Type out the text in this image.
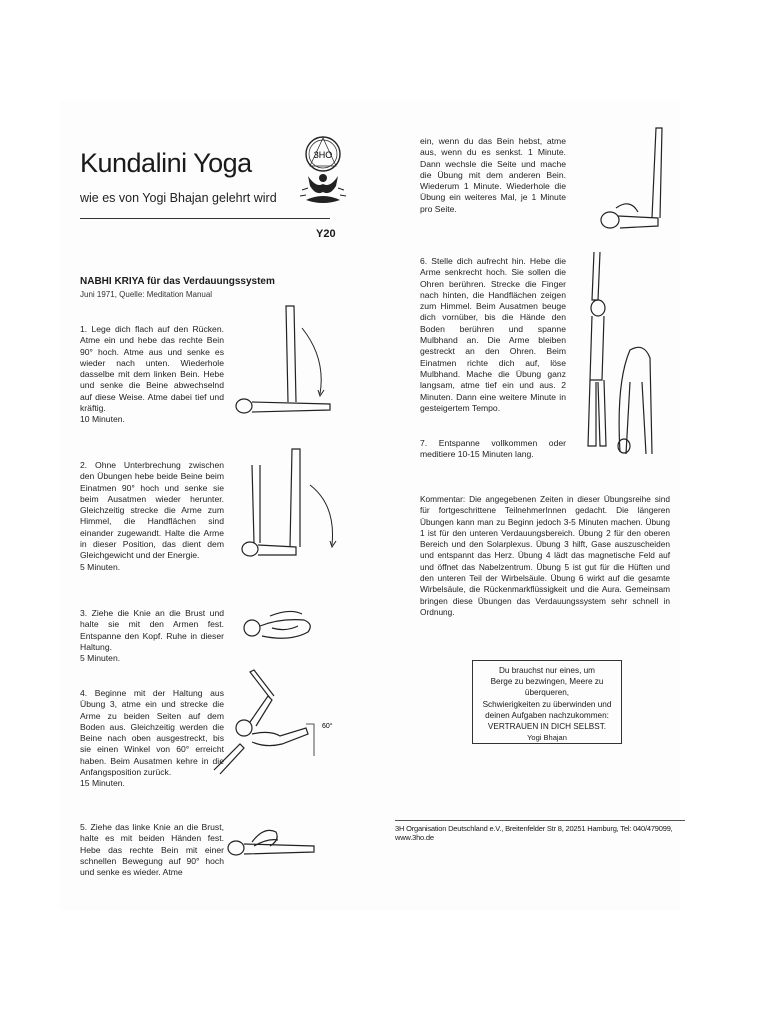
Kundalini Yoga
wie es von Yogi Bhajan gelehrt wird
Y20
3HO
NABHI KRIYA für das Verdauungssystem
Juni 1971, Quelle: Meditation Manual
1. Lege dich flach auf den Rücken. Atme ein und hebe das rechte Bein 90° hoch. Atme aus und senke es wieder nach unten. Wiederhole dasselbe mit dem linken Bein. Hebe und senke die Beine abwechselnd auf diese Weise. Atme dabei tief und kräftig.
10 Minuten.
2. Ohne Unterbrechung zwischen den Übungen hebe beide Beine beim Einatmen 90° hoch und senke sie beim Ausatmen wieder herunter. Gleichzeitig strecke die Arme zum Himmel, die Handflächen sind einander zugewandt. Halte die Arme in dieser Position, das dient dem Gleichgewicht und der Energie.
5 Minuten.
3. Ziehe die Knie an die Brust und halte sie mit den Armen fest. Entspanne den Kopf. Ruhe in dieser Haltung.
5 Minuten.
4. Beginne mit der Haltung aus Übung 3, atme ein und strecke die Arme zu beiden Seiten auf dem Boden aus. Gleichzeitig werden die Beine nach oben ausgestreckt, bis sie einen Winkel von 60° erreicht haben. Beim Ausatmen kehre in die Anfangsposition zurück.
15 Minuten.
5. Ziehe das linke Knie an die Brust, halte es mit beiden Händen fest. Hebe das rechte Bein mit einer schnellen Bewegung auf 90° hoch und senke es wieder. Atme
60°
ein, wenn du das Bein hebst, atme aus, wenn du es senkst. 1 Minute. Dann wechsle die Seite und mache die Übung mit dem anderen Bein. Wiederum 1 Minute. Wiederhole die Übung ein weiteres Mal, je 1 Minute pro Seite.
6. Stelle dich aufrecht hin. Hebe die Arme senkrecht hoch. Sie sollen die Ohren berühren. Strecke die Finger nach hinten, die Handflächen zeigen zum Himmel. Beim Ausatmen beuge dich vornüber, bis die Hände den Boden berühren und spanne Mulbhand an. Die Arme bleiben gestreckt an den Ohren. Beim Einatmen richte dich auf, löse Mulbhand. Mache die Übung ganz langsam, atme tief ein und aus. 2 Minuten. Dann eine weitere Minute in gesteigertem Tempo.
7. Entspanne vollkommen oder meditiere 10-15 Minuten lang.
Kommentar: Die angegebenen Zeiten in dieser Übungsreihe sind für fortgeschrittene TeilnehmerInnen gedacht. Die längeren Übungen kann man zu Beginn jedoch 3-5 Minuten machen. Übung 1 ist für den unteren Verdauungsbereich. Übung 2 für den oberen Bereich und den Solarplexus. Übung 3 hilft, Gase auszuscheiden und entspannt das Herz. Übung 4 lädt das magnetische Feld auf und öffnet das Nabelzentrum. Übung 5 ist gut für die Hüften und den unteren Teil der Wirbelsäule. Übung 6 wirkt auf die gesamte Wirbelsäule, die Rückenmarkflüssigkeit und die Aura. Gemeinsam bringen diese Übungen das Verdauungssystem sehr schnell in Ordnung.
Du brauchst nur eines, um
Berge zu bezwingen, Meere zu überqueren,
Schwierigkeiten zu überwinden und
deinen Aufgaben nachzukommen:
VERTRAUEN IN DICH SELBST.
Yogi Bhajan
3H Organisation Deutschland e.V., Breitenfelder Str 8, 20251 Hamburg, Tel: 040/479099, www.3ho.de
